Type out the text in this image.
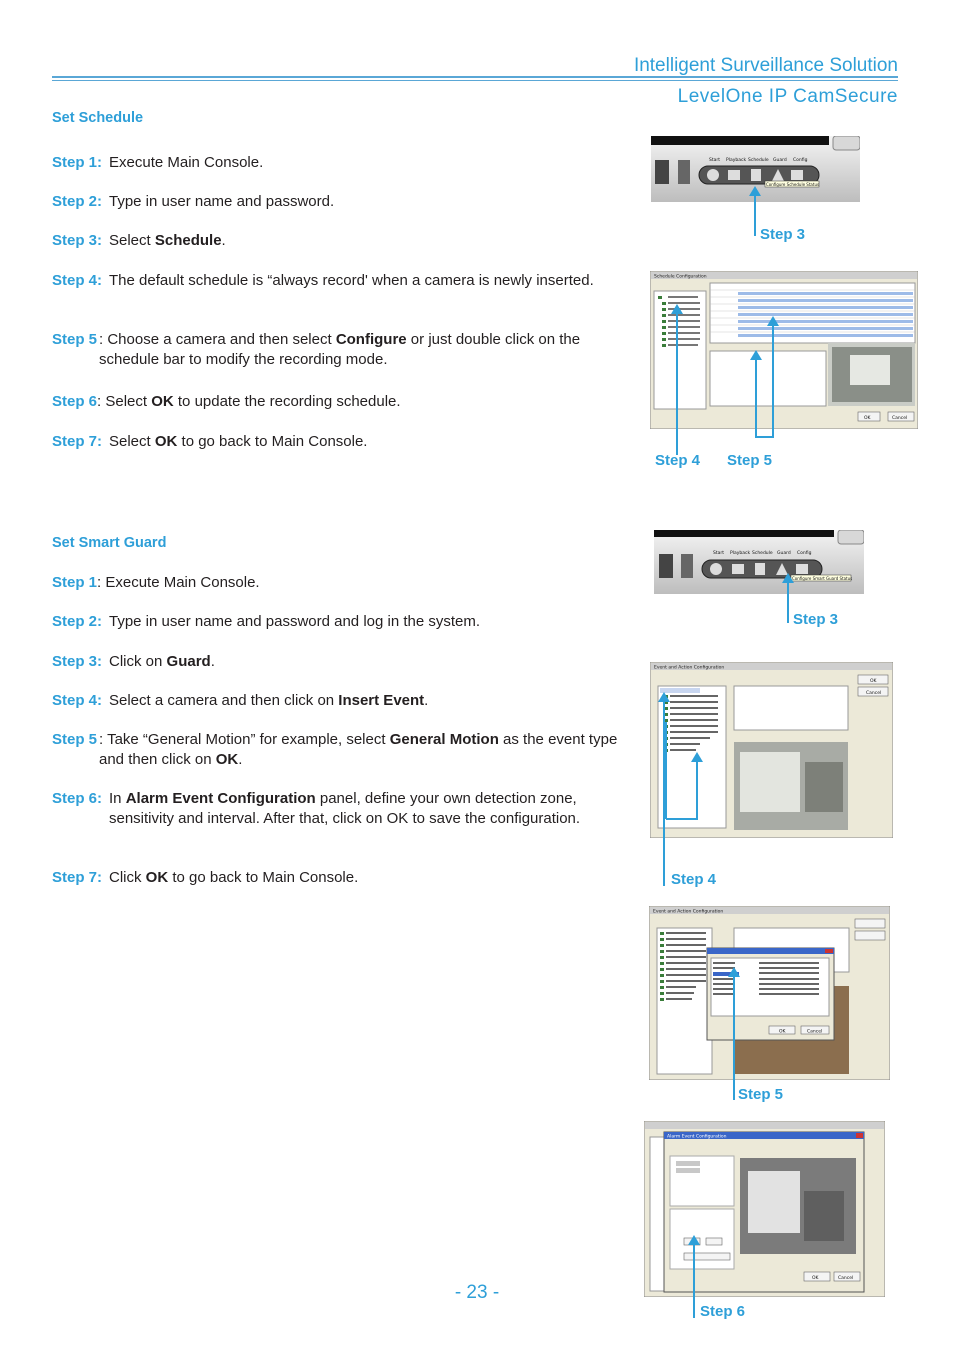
Intelligent Surveillance Solution
LevelOne IP CamSecure
Set Schedule
Step 1: Execute Main Console.
Step 2: Type in user name and password.
Step 3: Select Schedule.
Step 4: The default schedule is “always record' when a camera is newly inserted.
Step 5 : Choose a camera and then select Configure or just double click on the schedule bar to modify the recording mode.
Step 6: Select OK to update the recording schedule.
Step 7: Select OK to go back to Main Console.
Set Smart Guard
Step 1: Execute Main Console.
Step 2: Type in user name and password and log in the system.
Step 3: Click on Guard.
Step 4: Select a camera and then click on Insert Event.
Step 5 : Take “General Motion” for example, select General Motion as the event type and then click on OK.
Step 6: In Alarm Event Configuration panel, define your own detection zone, sensitivity and interval. After that, click on OK to save the configuration.
Step 7: Click OK to go back to Main Console.
Start Playback Schedule Guard Config
Configure Schedule Status
Step 3
Schedule Configuration
OK	Cancel
Step 4 Step 5
Start Playback Schedule Guard Config
Configure Smart Guard Status
Step 3
Event and Action Configuration
OK
Cancel
Step 4
Event and Action Configuration
OK	Cancel
Step 5
Alarm Event Configuration
OK	Cancel
Step 6
- 23 -
